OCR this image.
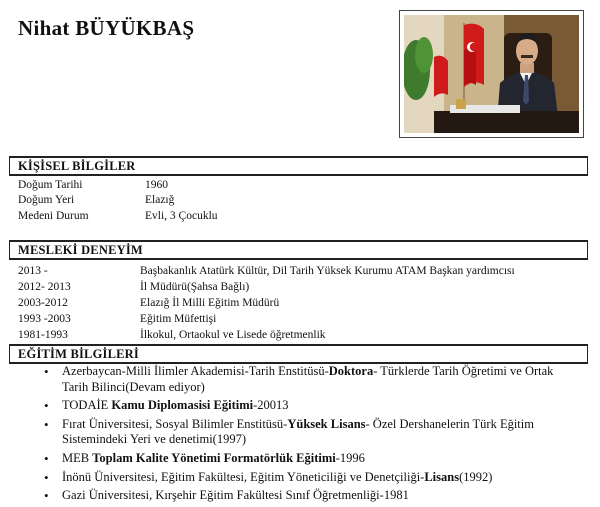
Nihat BÜYÜKBAŞ
KİŞİSEL BİLGİLER
Doğum Tarihi	1960
Doğum Yeri	Elazığ
Medeni Durum	Evli, 3 Çocuklu
MESLEKİ DENEYİM
2013 -	Başbakanlık Atatürk Kültür, Dil Tarih Yüksek Kurumu ATAM Başkan yardımcısı
2012- 2013	İl Müdürü(Şahsa Bağlı)
2003-2012	Elazığ İl Milli Eğitim Müdürü
1993 -2003	Eğitim Müfettişi
1981-1993	İlkokul, Ortaokul ve Lisede öğretmenlik
EĞİTİM BİLGİLERİ
• Azerbaycan-Milli İlimler Akademisi-Tarih Enstitüsü-Doktora- Türklerde Tarih Öğretimi ve Ortak Tarih Bilinci(Devam ediyor)
• TODAİE Kamu Diplomasisi Eğitimi-20013
• Fırat Üniversitesi, Sosyal Bilimler Enstitüsü-Yüksek Lisans- Özel Dershanelerin Türk Eğitim Sistemindeki Yeri ve denetimi(1997)
• MEB Toplam Kalite Yönetimi Formatörlük Eğitimi-1996
• İnönü Üniversitesi, Eğitim Fakültesi, Eğitim Yöneticiliği ve Denetçiliği-Lisans(1992)
• Gazi Üniversitesi, Kırşehir Eğitim Fakültesi Sınıf Öğretmenliği-1981
